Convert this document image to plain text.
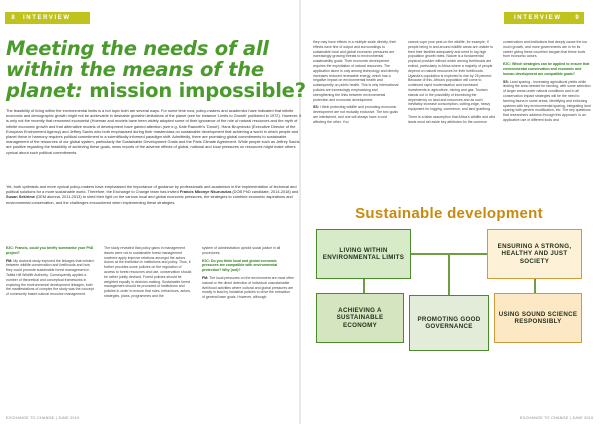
8	INTERVIEW	INTERVIEW	9
Meeting the needs of all
within the means of the
planet: mission impossible?

The feasibility of living within the environmental limits is a hot topic both are several ways. For some time now, policy-makers and academics have indicated that infinite economic and demographic growth might not be achievable in desirable growthin limitations of the planet (see for instance 'Limits to Growth' published in 1972). However, it is only not the recently that renowned economist (Hoeman and models have been widely adopted some of their ignorance of the role of natural resources and the myth of infinite economic growth and that alternative models of development have gained attention (see e.g. Kate Raworth's 'Donut'). Hans Bruyninckx (Executive Director of the European Environment Agency) and Jeffrey Sachs who both emphasised during their masterclass on sustainable development that achieving a world in which people and planet thrive in harmony requires political commitment to a scientifically informed paradigm shift. Admittedly, there are promising global commitments to sustainable management of the resources of our global system, particularly the Sustainable Development Goals and the Paris Climate Agreement. While people such as Jeffrey Sachs are positive regarding the feasibility of achieving these goals, news reports of the adverse effects of global, national and local pressures on resources might make others cynical about such political commitments.

Yet, both optimistic and more cynical policy-makers have emphasised the importance of guidance by professionals and academics in the implementation of technical and political solutions for a more sustainable world. Therefore, the Exchange to Change team has invited Francis Mbonye Nkurunziza (DOB PhD candidate, 2014-2018) and Susan Sekirime (DEM alumna, 2011-2013) to shed their light on the various local and global economic pressures, the strategies to combine economic aspirations and environmental conservation, and the challenges encountered when implementing these strategies.

E2C: Francis, could you briefly summarise your PhD project?

FM: My doctoral study explored the linkages that existed between wildlife conservation and livelihoods and how they could promote sustainable forest management in Tabita Hill Wildlife Authority. Consequently applied a number of theoretical and conceptual frameworks in exploring the environmental development linkages, both the manifestations of complex the study was the concept of community based natural resource management.

The study revealed that policy gains in management issues were not to sustainable forest management nowhere apply improve relations amongst the actors. Actors at the institution in institutions and policy. Thus, it further provides some policies on the regulation of access to forest resources and use, conservation should be rather jointly devised. Forest policies should be weighted equally in decision-making. Sustainable forest management should be promoted of institutions and policies in order to ensure that rules, behaviours, actors, strategies, plans, programmes and the

system of administration uphold social justice in all procedures.

E2C: Do you think local and global economic pressures are compatible with environmental protection? Why (not)?

FM: The local pressures on the environment are most often natural or the direct detection of individual unsustainable livelihood activities where cultural and global pressures are mostly in lead by industrial policies to drive the extraction of general base goals. However, although

they may have effects in a multiple scale directly, their effects have fine of output and surroundings to sustainable local and global economic pressures are increasingly growing threats to environmental sustainability goals. Their economic development requires the exploitation of natural resources. The application alone is only among technology and directly increases reduced renewable energy, which has a negative impact on environmental health and subsequently on public health. This is why international policies are increasingly emphasising and strengthening the links between environmental protection and economic development.

SS: I think protecting wildlife and promoting economic development are not mutually exclusive. The two goals are intertwined, and one will always have a cost affecting the other. You

cannot cope your pest on the wildlife, for example, if people being in and around wildlife areas are unable to feed their families adequately and need to log high population growth rates. Nature is a fundamental physical provider without which among livelihoods are extinct, particularly in Africa where a majority of people depend on natural resources for their livelihoods. Uganda's population is expected to rise by 25 percent. Because of this, Africa's population will come to continued rapid modernisation and increased investments in agriculture, mining and gas. Tourism stands out in the possibility of increasing the dependency on land and resources and as such inevitably increase consumption, cutting-edge, heavy equipment for logging, commerce, and land grabbing.

There is a false assumption that Africa's wildlife and wild lands must set aside key attributes for the common

conservation and institutions that deeply cause the too much growth, and more governments are in for its career giving these countries bargain that these tools from economic actors.

E2C: Which strategies can be applied to ensure that environmental conservation and economic and human development are compatible goals?

SS: Land sparing - increasing agricultural yields while limiting the area needed for farming, with some selection of larger areas under natural conditions and in all conservation impact strategies will be the need to farming fauna in some areas, identifying and enforcing systems with key environmental sparing, integrating land sparing with generic modification, etc. The key questions that researchers address through this approach: is an applicative use of different tools and

Sustainable development
LIVING WITHIN ENVIRONMENTAL LIMITS
ENSURING A STRONG, HEALTHY AND JUST SOCIETY
ACHIEVING A SUSTAINABLE ECONOMY
PROMOTING GOOD GOVERNANCE
USING SOUND SCIENCE RESPONSIBLY
EXCHANGE TO CHANGE | JUNE 2019	EXCHANGE TO CHANGE | JUNE 2019
